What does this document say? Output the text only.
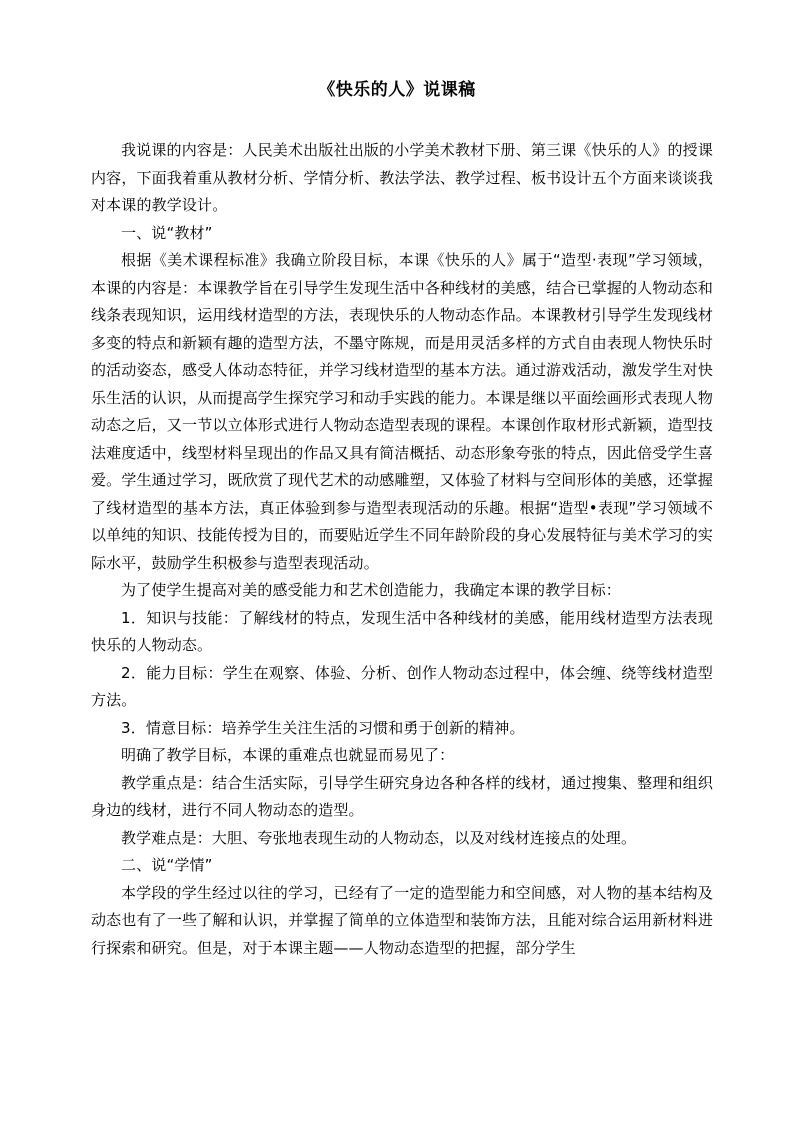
《快乐的人》说课稿

我说课的内容是：人民美术出版社出版的小学美术教材下册、第三课《快乐的人》的授课内容，下面我着重从教材分析、学情分析、教法学法、教学过程、板书设计五个方面来谈谈我对本课的教学设计。

一、说“教材”

根据《美术课程标准》我确立阶段目标，本课《快乐的人》属于“造型·表现”学习领域，本课的内容是：本课教学旨在引导学生发现生活中各种线材的美感，结合已掌握的人物动态和线条表现知识，运用线材造型的方法，表现快乐的人物动态作品。本课教材引导学生发现线材多变的特点和新颖有趣的造型方法，不墨守陈规，而是用灵活多样的方式自由表现人物快乐时的活动姿态，感受人体动态特征，并学习线材造型的基本方法。通过游戏活动，激发学生对快乐生活的认识，从而提高学生探究学习和动手实践的能力。本课是继以平面绘画形式表现人物动态之后，又一节以立体形式进行人物动态造型表现的课程。本课创作取材形式新颖，造型技法难度适中，线型材料呈现出的作品又具有简洁概括、动态形象夸张的特点，因此倍受学生喜爱。学生通过学习，既欣赏了现代艺术的动感雕塑，又体验了材料与空间形体的美感，还掌握了线材造型的基本方法，真正体验到参与造型表现活动的乐趣。根据“造型•表现”学习领域不以单纯的知识、技能传授为目的，而要贴近学生不同年龄阶段的身心发展特征与美术学习的实际水平，鼓励学生积极参与造型表现活动。

为了使学生提高对美的感受能力和艺术创造能力，我确定本课的教学目标：

1．知识与技能：了解线材的特点，发现生活中各种线材的美感，能用线材造型方法表现快乐的人物动态。

2．能力目标：学生在观察、体验、分析、创作人物动态过程中，体会缠、绕等线材造型方法。

3．情意目标：培养学生关注生活的习惯和勇于创新的精神。

明确了教学目标，本课的重难点也就显而易见了：

教学重点是：结合生活实际，引导学生研究身边各种各样的线材，通过搜集、整理和组织身边的线材，进行不同人物动态的造型。

教学难点是：大胆、夸张地表现生动的人物动态，以及对线材连接点的处理。

二、说“学情”

本学段的学生经过以往的学习，已经有了一定的造型能力和空间感，对人物的基本结构及动态也有了一些了解和认识，并掌握了简单的立体造型和装饰方法，且能对综合运用新材料进行探索和研究。但是，对于本课主题——人物动态造型的把握，部分学生
